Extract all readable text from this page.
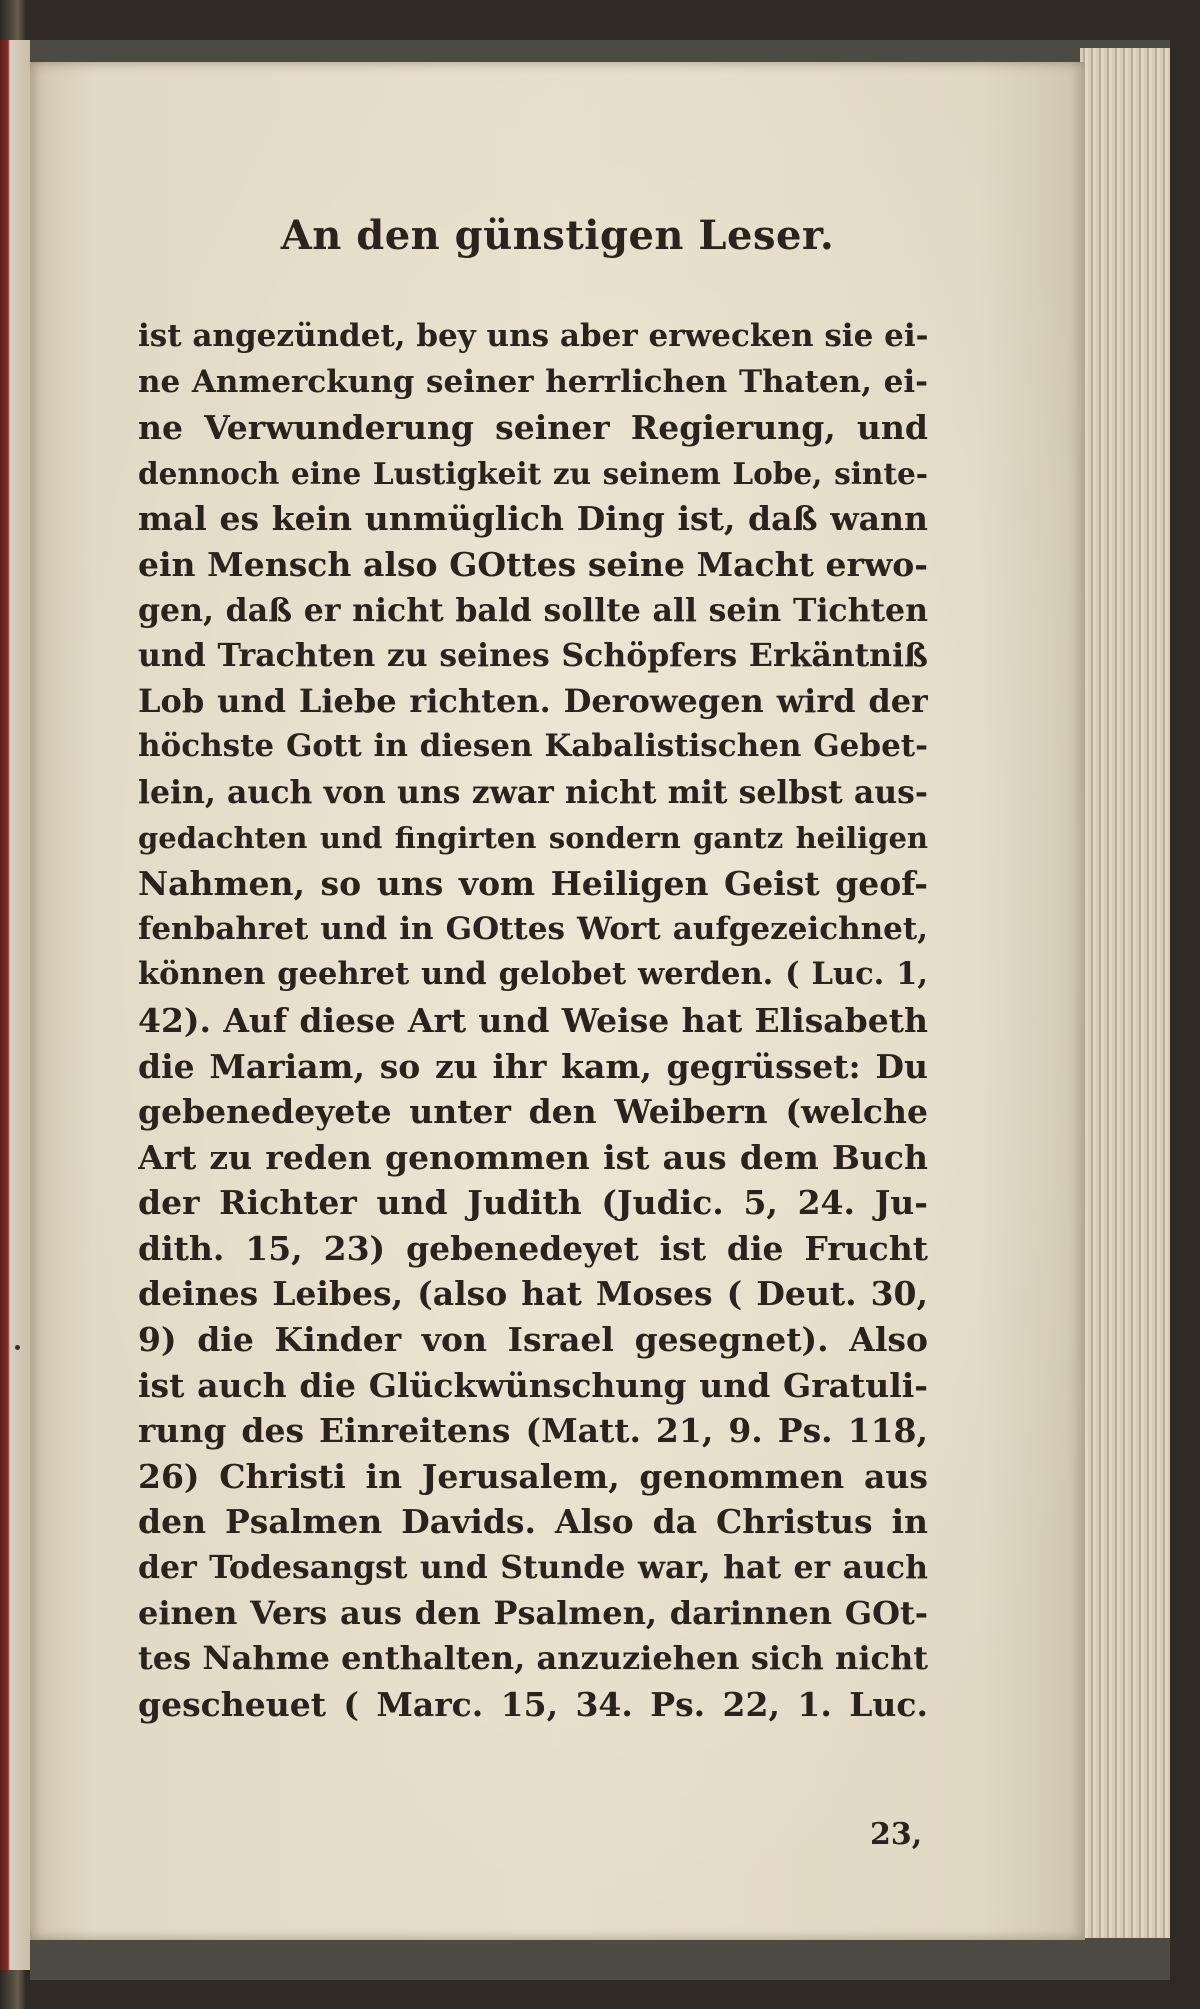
An den günstigen Leser.
ist angezündet, bey uns aber erwecken sie ei-
ne Anmerckung seiner herrlichen Thaten, ei-
ne Verwunderung seiner Regierung, und
dennoch eine Lustigkeit zu seinem Lobe, sinte-
mal es kein unmüglich Ding ist, daß wann
ein Mensch also GOttes seine Macht erwo-
gen, daß er nicht bald sollte all sein Tichten
und Trachten zu seines Schöpfers Erkäntniß
Lob und Liebe richten. Derowegen wird der
höchste Gott in diesen Kabalistischen Gebet-
lein, auch von uns zwar nicht mit selbst aus-
gedachten und fingirten sondern gantz heiligen
Nahmen, so uns vom Heiligen Geist geof-
fenbahret und in GOttes Wort aufgezeichnet,
können geehret und gelobet werden. ( Luc. 1,
42). Auf diese Art und Weise hat Elisabeth
die Mariam, so zu ihr kam, gegrüsset: Du
gebenedeyete unter den Weibern (welche
Art zu reden genommen ist aus dem Buch
der Richter und Judith (Judic. 5, 24. Ju-
dith. 15, 23) gebenedeyet ist die Frucht
deines Leibes, (also hat Moses ( Deut. 30,
9) die Kinder von Israel gesegnet). Also
ist auch die Glückwünschung und Gratuli-
rung des Einreitens (Matt. 21, 9. Ps. 118,
26) Christi in Jerusalem, genommen aus
den Psalmen Davids. Also da Christus in
der Todesangst und Stunde war, hat er auch
einen Vers aus den Psalmen, darinnen GOt-
tes Nahme enthalten, anzuziehen sich nicht
gescheuet ( Marc. 15, 34. Ps. 22, 1. Luc.
23,
